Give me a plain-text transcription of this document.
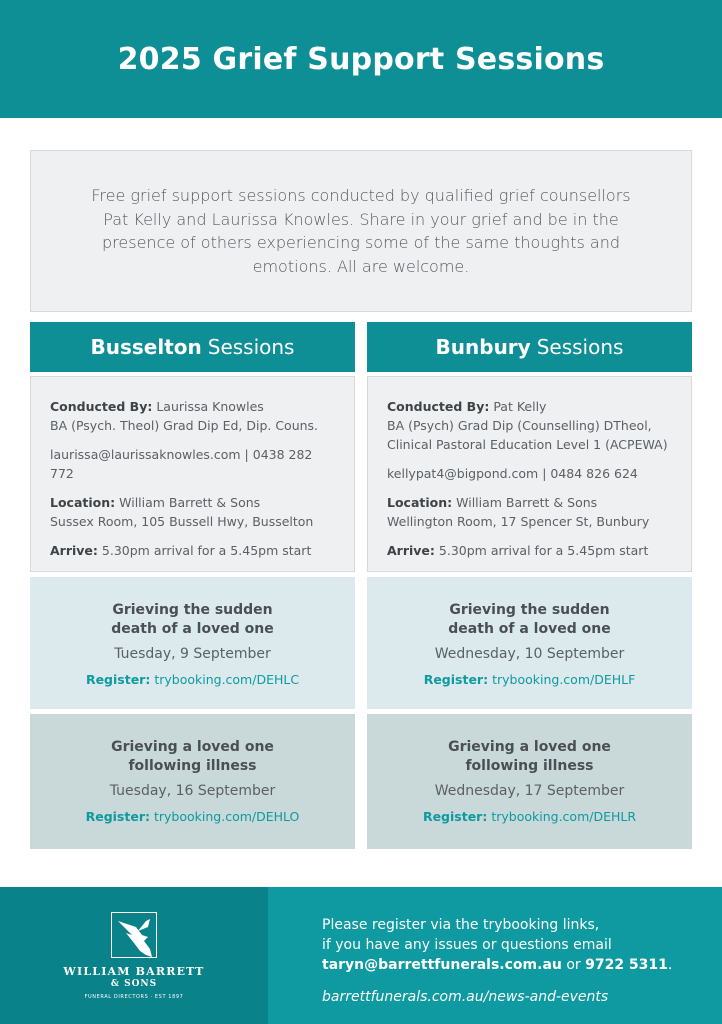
2025 Grief Support Sessions

Free grief support sessions conducted by qualified grief counsellors Pat Kelly and Laurissa Knowles. Share in your grief and be in the presence of others experiencing some of the same thoughts and emotions. All are welcome.

Busselton Sessions
Conducted By: Laurissa Knowles
BA (Psych. Theol) Grad Dip Ed, Dip. Couns.
laurissa@laurissaknowles.com | 0438 282 772
Location: William Barrett & Sons
Sussex Room, 105 Bussell Hwy, Busselton
Arrive: 5.30pm arrival for a 5.45pm start
Grieving the sudden
death of a loved one
Tuesday, 9 September
Register: trybooking.com/DEHLC
Grieving a loved one
following illness
Tuesday, 16 September
Register: trybooking.com/DEHLO
Bunbury Sessions
Conducted By: Pat Kelly
BA (Psych) Grad Dip (Counselling) DTheol,
Clinical Pastoral Education Level 1 (ACPEWA)
kellypat4@bigpond.com | 0484 826 624
Location: William Barrett & Sons
Wellington Room, 17 Spencer St, Bunbury
Arrive: 5.30pm arrival for a 5.45pm start
Grieving the sudden
death of a loved one
Wednesday, 10 September
Register: trybooking.com/DEHLF
Grieving a loved one
following illness
Wednesday, 17 September
Register: trybooking.com/DEHLR
WILLIAM BARRETT
& SONS
FUNERAL DIRECTORS · EST 1897
Please register via the trybooking links,
if you have any issues or questions email
taryn@barrettfunerals.com.au or 9722 5311.
barrettfunerals.com.au/news-and-events
